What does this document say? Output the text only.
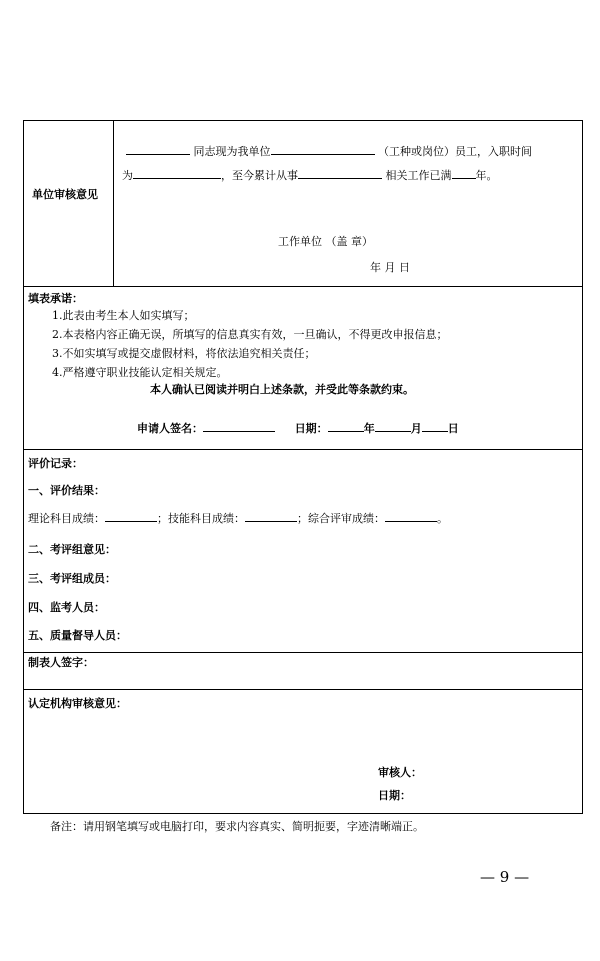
单位审核意见
同志现为我单位	（工种或岗位）员工，入职时间
为	，至今累计从事	相关工作已满 年。
工作单位 （盖 章）
年 月 日
填表承诺：
1.此表由考生本人如实填写；
2.本表格内容正确无误，所填写的信息真实有效，一旦确认，不得更改申报信息；
3.不如实填写或提交虚假材料，将依法追究相关责任；
4.严格遵守职业技能认定相关规定。
本人确认已阅读并明白上述条款，并受此等条款约束。
申请人签名：	日期：	年	月 日
评价记录：
一、评价结果：
理论科目成绩：	；技能科目成绩：	；综合评审成绩：	。
二、考评组意见：
三、考评组成员：
四、监考人员：
五、质量督导人员：
制表人签字：
认定机构审核意见：
审核人：
日期：
备注：请用钢笔填写或电脑打印，要求内容真实、简明扼要，字迹清晰端正。
— 9 —
